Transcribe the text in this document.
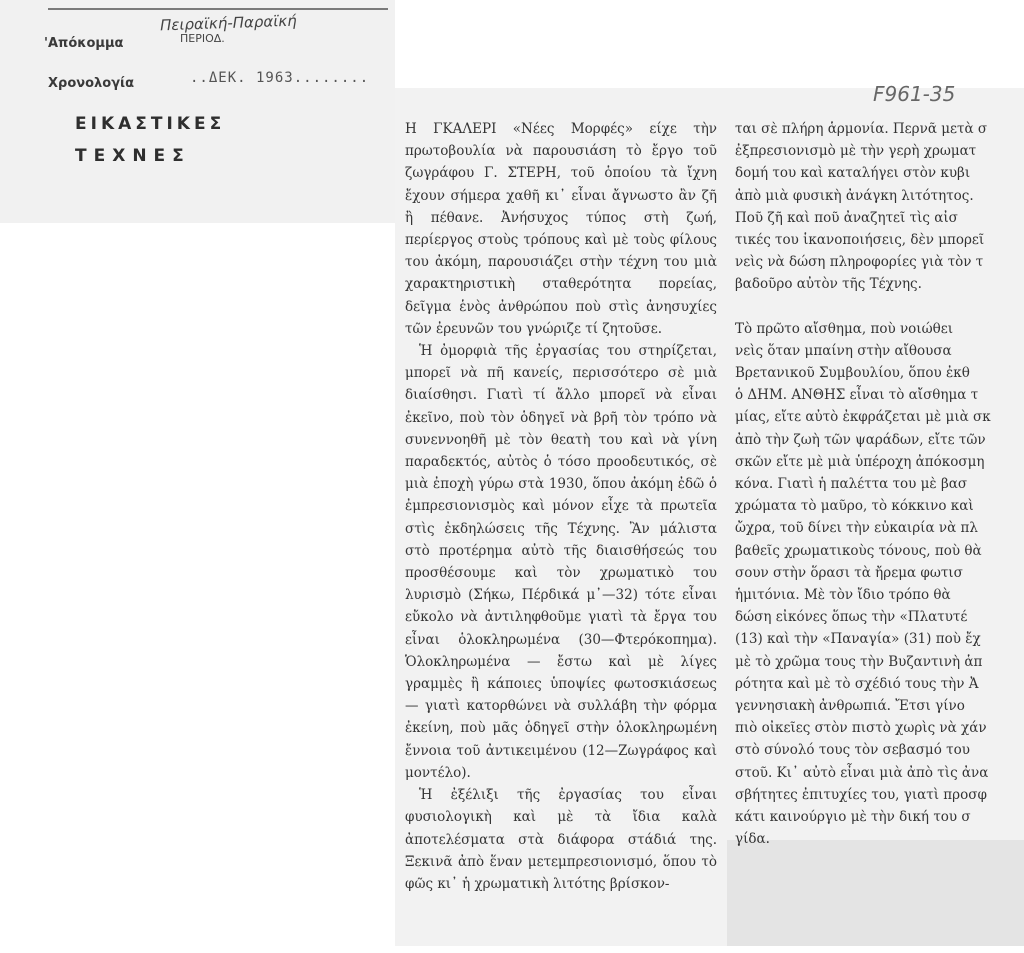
'Απόκομμα
Χρονολογία
Πειραϊκή-Παραϊκή
ΠΕΡΙΟΔ.
..ΔΕΚ. 1963........
ΕΙΚΑΣΤΙΚΕΣ
ΤΕΧΝΕΣ
F961-35

Η ΓΚΑΛΕΡΙ «Νέες Μορφές» είχε τὴν πρωτοβουλία νὰ παρουσιάση τὸ ἔργο τοῦ ζωγράφου Γ. ΣΤΕΡΗ, τοῦ ὁποίου τὰ ἴχνη ἔχουν σήμερα χαθῆ κι᾽ εἶναι ἄγνωστο ἂν ζῆ ἢ πέθανε. Ἀνήσυχος τύπος στὴ ζωή, περίεργος στοὺς τρόπους καὶ μὲ τοὺς φίλους του ἀκόμη, παρουσιάζει στὴν τέχνη του μιὰ χαρακτηριστικὴ σταθερότητα πορείας, δεῖγμα ἑνὸς ἀνθρώπου ποὺ στὶς ἀνησυχίες τῶν ἐρευνῶν του γνώριζε τί ζητοῦσε.

Ἡ ὀμορφιὰ τῆς ἐργασίας του στηρίζεται, μπορεῖ νὰ πῆ κανείς, περισσότερο σὲ μιὰ διαίσθησι. Γιατὶ τί ἄλλο μπορεῖ νὰ εἶναι ἐκεῖνο, ποὺ τὸν ὁδηγεῖ νὰ βρῆ τὸν τρόπο νὰ συνεννοηθῆ μὲ τὸν θεατὴ του καὶ νὰ γίνη παραδεκτός, αὐτὸς ὁ τόσο προοδευτικός, σὲ μιὰ ἐποχὴ γύρω στὰ 1930, ὅπου ἀκόμη ἐδῶ ὁ ἐμπρεσιονισμὸς καὶ μόνον εἶχε τὰ πρωτεῖα στὶς ἐκδηλώσεις τῆς Τέχνης. Ἂν μάλιστα στὸ προτέρημα αὐτὸ τῆς διαισθήσεώς του προσθέσουμε καὶ τὸν χρωματικὸ του λυρισμὸ (Σήκω, Πέρδικά μ᾽—32) τότε εἶναι εὔκολο νὰ ἀντιληφθοῦμε γιατὶ τὰ ἔργα του εἶναι ὁλοκληρωμένα (30—Φτερόκοπημα). Ὁλοκληρωμένα — ἔστω καὶ μὲ λίγες γραμμὲς ἢ κάποιες ὑποψίες φωτοσκιάσεως — γιατὶ κατορθώνει νὰ συλλάβη τὴν φόρμα ἐκείνη, ποὺ μᾶς ὁδηγεῖ στὴν ὁλοκληρωμένη ἔννοια τοῦ ἀντικειμένου (12—Ζωγράφος καὶ μοντέλο).

Ἡ ἐξέλιξι τῆς ἐργασίας του εἶναι φυσιολογικὴ καὶ μὲ τὰ ἴδια καλὰ ἀποτελέσματα στὰ διάφορα στάδιά της. Ξεκινᾶ ἀπὸ ἕναν μετεμπρεσιονισμό, ὅπου τὸ φῶς κι᾽ ἡ χρωματικὴ λιτότης βρίσκον-

ται σὲ πλήρη ἁρμονία. Περνᾶ μετὰ σ
ἐξπρεσιονισμὸ μὲ τὴν γερὴ χρωματ
δομή του καὶ καταλήγει στὸν κυβι
ἀπὸ μιὰ φυσικὴ ἀνάγκη λιτότητος.
Ποῦ ζῆ καὶ ποῦ ἀναζητεῖ τὶς αἰσ
τικές του ἱκανοποιήσεις, δὲν μπορεῖ
νεὶς νὰ δώση πληροφορίες γιὰ τὸν τ
βαδοῦρο αὐτὸν τῆς Τέχνης.
Τὸ πρῶτο αἴσθημα, ποὺ νοιώθει
νεὶς ὅταν μπαίνη στὴν αἴθουσα
Βρετανικοῦ Συμβουλίου, ὅπου ἐκθ
ὁ ΔΗΜ. ΑΝΘΗΣ εἶναι τὸ αἴσθημα τ
μίας, εἴτε αὐτὸ ἐκφράζεται μὲ μιὰ σκ
ἀπὸ τὴν ζωὴ τῶν ψαράδων, εἴτε τῶν
σκῶν εἴτε μὲ μιὰ ὑπέροχη ἀπόκοσμη
κόνα. Γιατὶ ἡ παλέττα του μὲ βασ
χρώματα τὸ μαῦρο, τὸ κόκκινο καὶ
ὤχρα, τοῦ δίνει τὴν εὐκαιρία νὰ πλ
βαθεῖς χρωματικοὺς τόνους, ποὺ θὰ
σουν στὴν ὅρασι τὰ ἤρεμα φωτισ
ἡμιτόνια. Μὲ τὸν ἴδιο τρόπο θὰ
δώση εἰκόνες ὅπως τὴν «Πλατυτέ
(13) καὶ τὴν «Παναγία» (31) ποὺ ἔχ
μὲ τὸ χρῶμα τους τὴν Βυζαντινὴ ἁπ
ρότητα καὶ μὲ τὸ σχέδιό τους τὴν Ἀ
γεννησιακὴ ἀνθρωπιά. Ἔτσι γίνο
πιὸ οἰκεῖες στὸν πιστὸ χωρὶς νὰ χάν
στὸ σύνολό τους τὸν σεβασμό του
στοῦ. Κι᾽ αὐτὸ εἶναι μιὰ ἀπὸ τὶς ἀνα
σβήτητες ἐπιτυχίες του, γιατὶ προσφ
κάτι καινούργιο μὲ τὴν δική του σ
γίδα.
